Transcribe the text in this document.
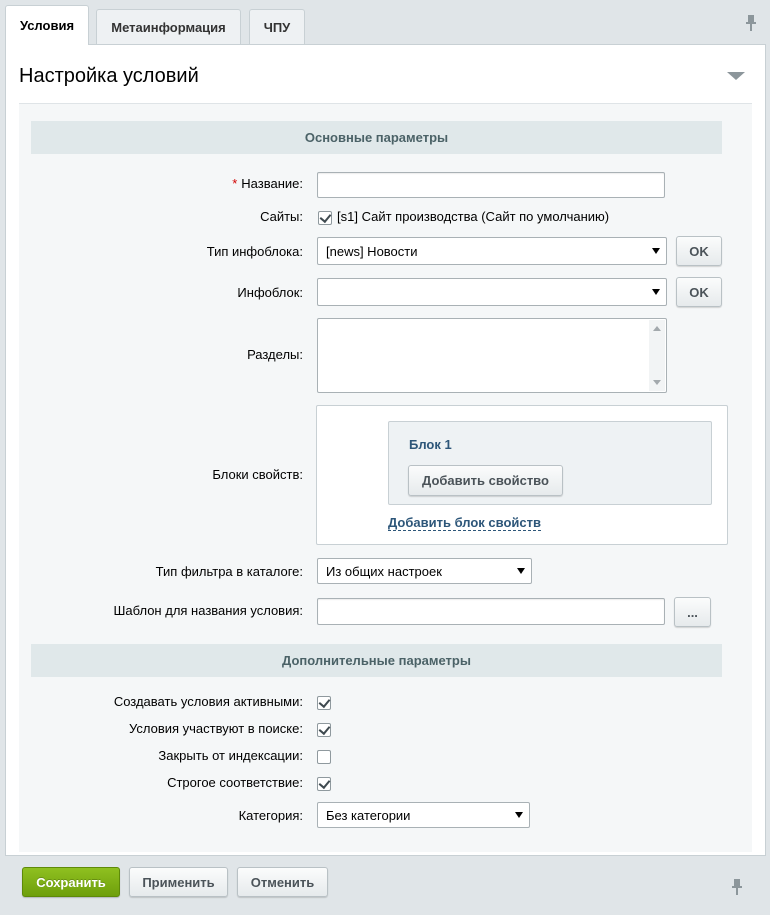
Условия	Метаинформация	ЧПУ
Настройка условий
Основные параметры
* Название:
Сайты:	[s1] Сайт производства (Сайт по умолчанию)
Тип инфоблока: [news] Новости	OK
Инфоблок:	OK
Разделы:
Блоки свойств:
Блок 1
Добавить свойство
Добавить блок свойств
Тип фильтра в каталоге: Из общих настроек
Шаблон для названия условия:	...
Дополнительные параметры
Создавать условия активными:
Условия участвуют в поиске:
Закрыть от индексации:
Строгое соответствие:
Категория: Без категории
Сохранить	Применить	Отменить
